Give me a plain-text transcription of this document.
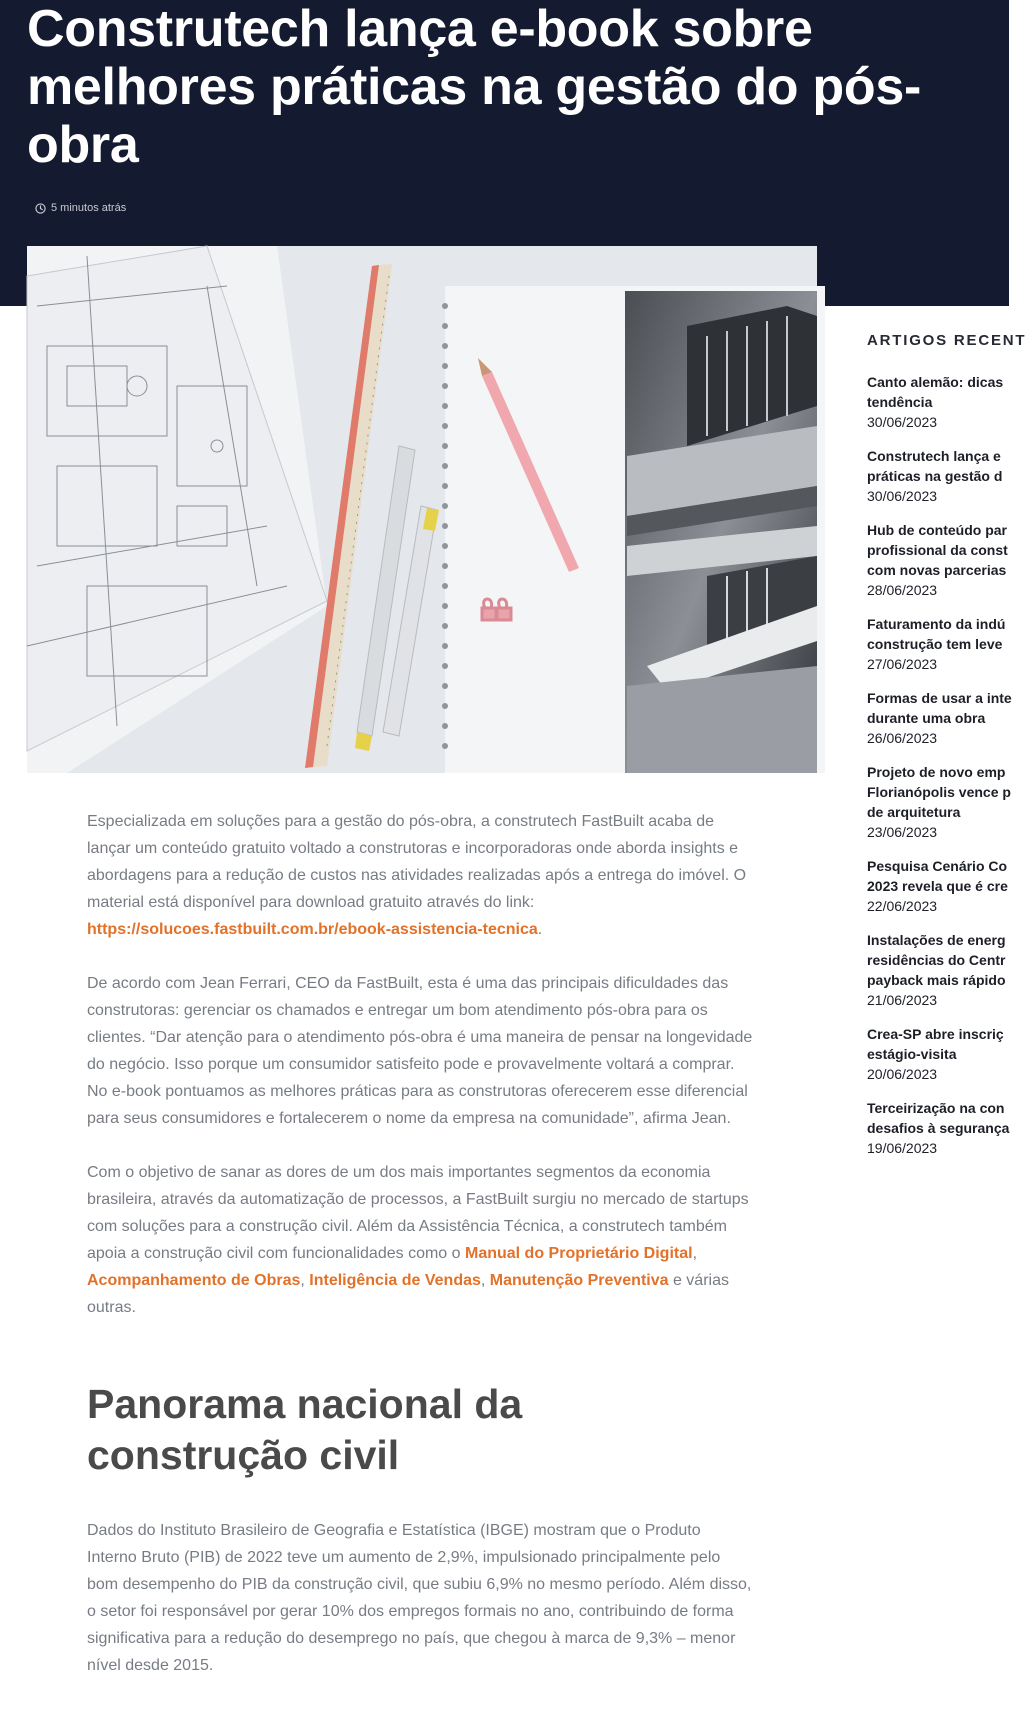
Construtech lança e-book sobre
melhores práticas na gestão do pós-
obra
5 minutos atrás

Especializada em soluções para a gestão do pós-obra, a construtech FastBuilt acaba de lançar um conteúdo gratuito voltado a construtoras e incorporadoras onde aborda insights e abordagens para a redução de custos nas atividades realizadas após a entrega do imóvel. O material está disponível para download gratuito através do link: https://solucoes.fastbuilt.com.br/ebook-assistencia-tecnica.

De acordo com Jean Ferrari, CEO da FastBuilt, esta é uma das principais dificuldades das construtoras: gerenciar os chamados e entregar um bom atendimento pós-obra para os clientes. “Dar atenção para o atendimento pós-obra é uma maneira de pensar na longevidade do negócio. Isso porque um consumidor satisfeito pode e provavelmente voltará a comprar. No e-book pontuamos as melhores práticas para as construtoras oferecerem esse diferencial para seus consumidores e fortalecerem o nome da empresa na comunidade”, afirma Jean.

Com o objetivo de sanar as dores de um dos mais importantes segmentos da economia brasileira, através da automatização de processos, a FastBuilt surgiu no mercado de startups com soluções para a construção civil. Além da Assistência Técnica, a construtech também apoia a construção civil com funcionalidades como o Manual do Proprietário Digital, Acompanhamento de Obras, Inteligência de Vendas, Manutenção Preventiva e várias outras.

Panorama nacional da construção civil

Dados do Instituto Brasileiro de Geografia e Estatística (IBGE) mostram que o Produto Interno Bruto (PIB) de 2022 teve um aumento de 2,9%, impulsionado principalmente pelo bom desempenho do PIB da construção civil, que subiu 6,9% no mesmo período. Além disso, o setor foi responsável por gerar 10% dos empregos formais no ano, contribuindo de forma significativa para a redução do desemprego no país, que chegou à marca de 9,3% – menor nível desde 2015.

ARTIGOS RECENT
Canto alemão: dicas
tendência
30/06/2023
Construtech lança e
práticas na gestão d
30/06/2023
Hub de conteúdo par
profissional da const
com novas parcerias
28/06/2023
Faturamento da indú
construção tem leve
27/06/2023
Formas de usar a inte
durante uma obra
26/06/2023
Projeto de novo emp
Florianópolis vence p
de arquitetura
23/06/2023
Pesquisa Cenário Co
2023 revela que é cre
22/06/2023
Instalações de energ
residências do Centr
payback mais rápido
21/06/2023
Crea-SP abre inscriç
estágio-visita
20/06/2023
Terceirização na con
desafios à segurança
19/06/2023
